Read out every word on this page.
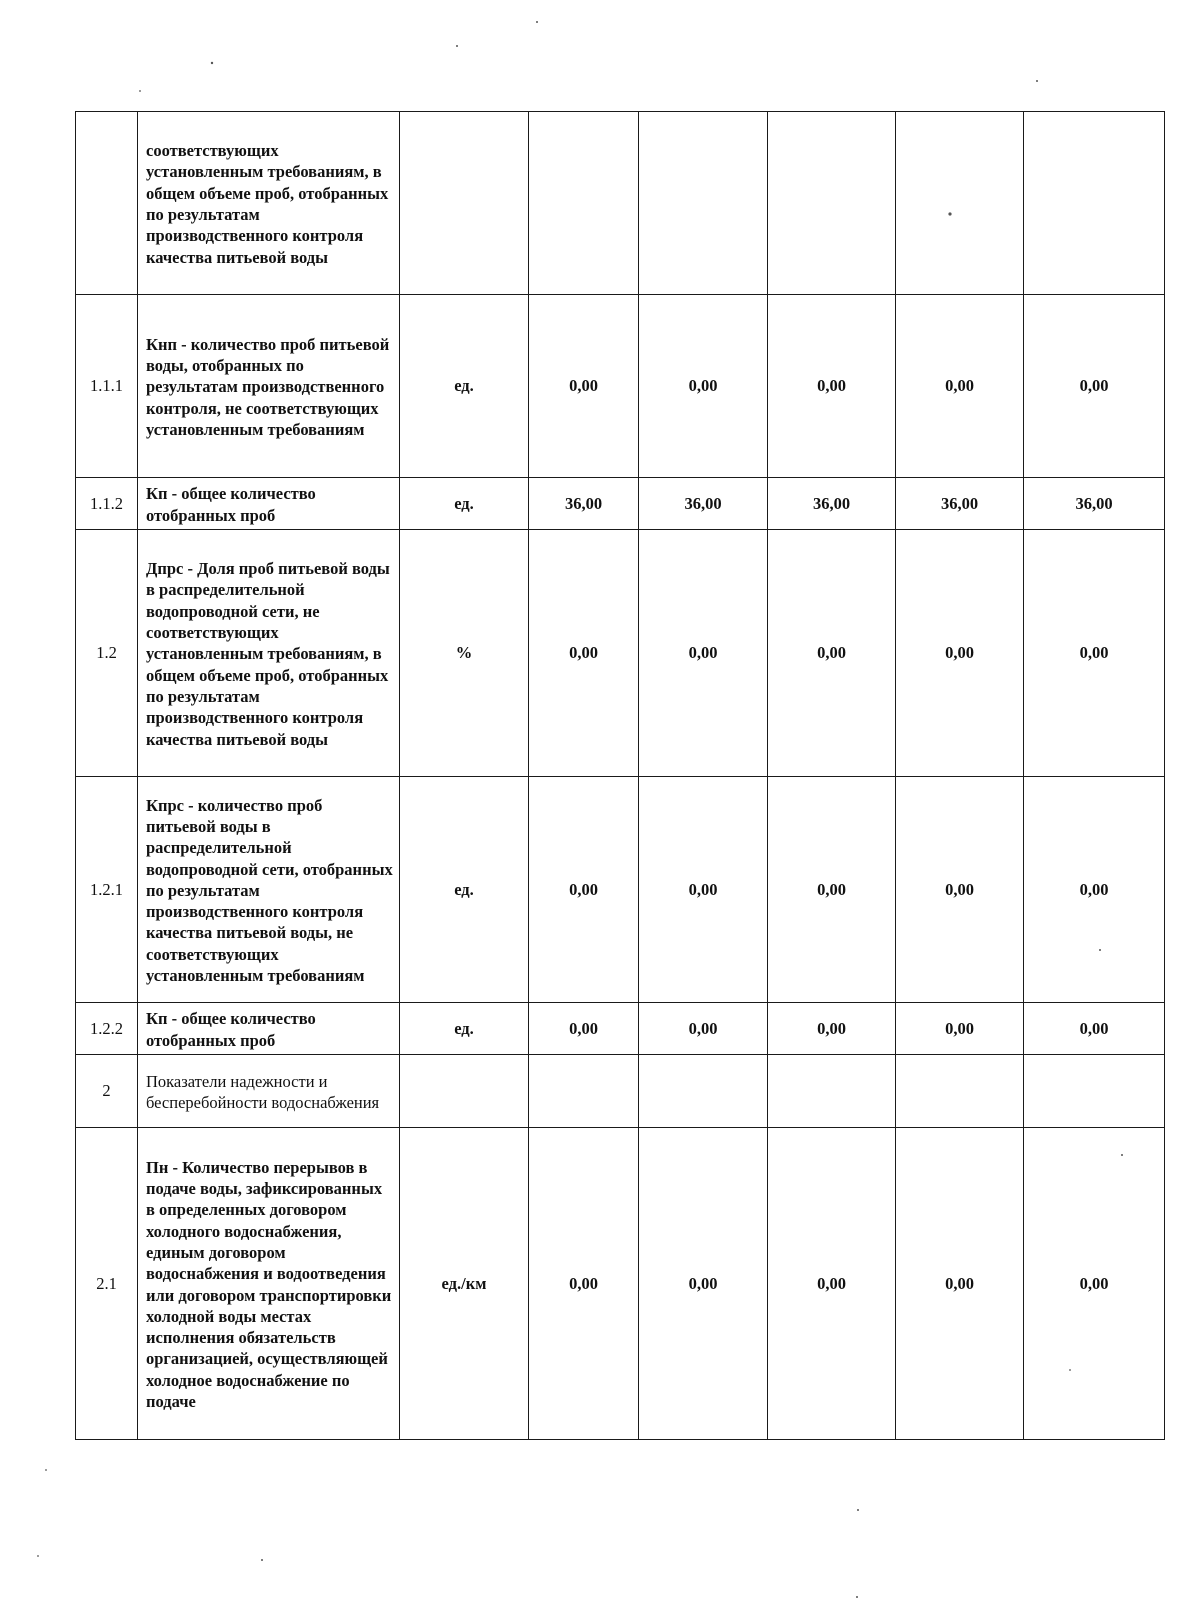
	соответствующих установленным требованиям, в общем объеме проб, отобранных по результатам производственного контроля качества питьевой воды						
1.1.1	Кнп - количество проб питьевой воды, отобранных по результатам производственного контроля, не соответствующих установленным требованиям	ед.	0,00	0,00	0,00	0,00	0,00
1.1.2	Кп - общее количество отобранных проб	ед.	36,00	36,00	36,00	36,00	36,00
1.2	Дпрс - Доля проб питьевой воды в распределительной водопроводной сети, не соответствующих установленным требованиям, в общем объеме проб, отобранных по результатам производственного контроля качества питьевой воды	%	0,00	0,00	0,00	0,00	0,00
1.2.1	Кпрс - количество проб питьевой воды в распределительной водопроводной сети, отобранных по результатам производственного контроля качества питьевой воды, не соответствующих установленным требованиям	ед.	0,00	0,00	0,00	0,00	0,00
1.2.2	Кп - общее количество отобранных проб	ед.	0,00	0,00	0,00	0,00	0,00
2	Показатели надежности и бесперебойности водоснабжения						
2.1	Пн - Количество перерывов в подаче воды, зафиксированных в определенных договором холодного водоснабжения, единым договором водоснабжения и водоотведения или договором транспортировки холодной воды местах исполнения обязательств организацией, осуществляющей холодное водоснабжение по подаче	ед./км	0,00	0,00	0,00	0,00	0,00
